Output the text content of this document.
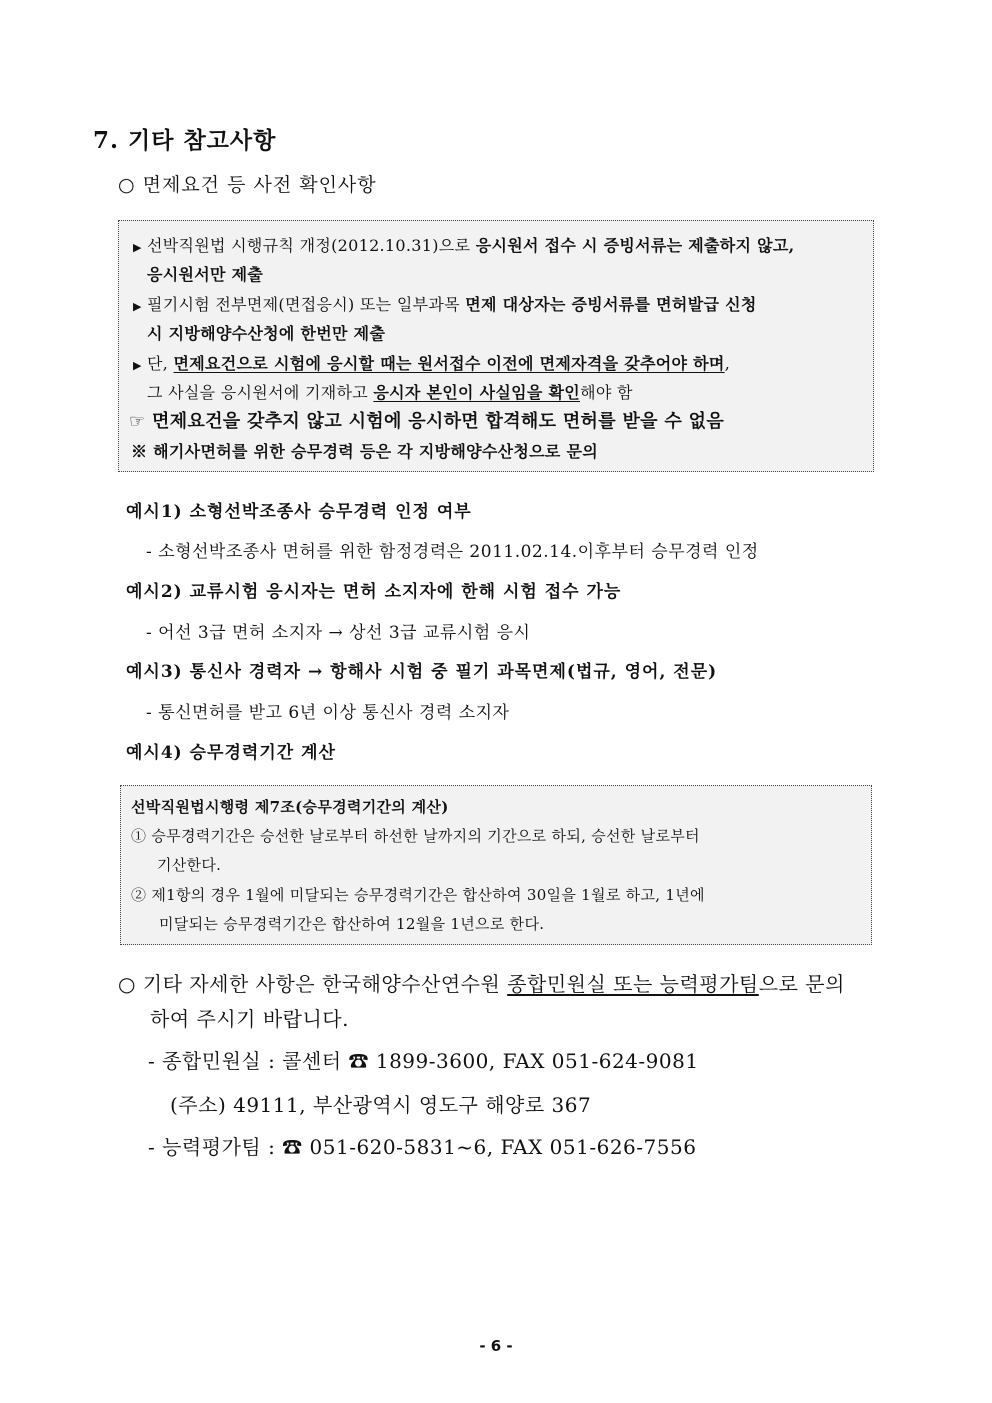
7. 기타 참고사항
○ 면제요건 등 사전 확인사항
▶ 선박직원법 시행규칙 개정(2012.10.31)으로 응시원서 접수 시 증빙서류는 제출하지 않고,
응시원서만 제출
▶ 필기시험 전부면제(면접응시) 또는 일부과목 면제 대상자는 증빙서류를 면허발급 신청
시 지방해양수산청에 한번만 제출
▶ 단, 면제요건으로 시험에 응시할 때는 원서접수 이전에 면제자격을 갖추어야 하며,
그 사실을 응시원서에 기재하고 응시자 본인이 사실임을 확인해야 함
☞ 면제요건을 갖추지 않고 시험에 응시하면 합격해도 면허를 받을 수 없음
※ 해기사면허를 위한 승무경력 등은 각 지방해양수산청으로 문의
예시1) 소형선박조종사 승무경력 인정 여부
- 소형선박조종사 면허를 위한 함정경력은 2011.02.14.이후부터 승무경력 인정
예시2) 교류시험 응시자는 면허 소지자에 한해 시험 접수 가능
- 어선 3급 면허 소지자 → 상선 3급 교류시험 응시
예시3) 통신사 경력자 → 항해사 시험 중 필기 과목면제(법규, 영어, 전문)
- 통신면허를 받고 6년 이상 통신사 경력 소지자
예시4) 승무경력기간 계산
선박직원법시행령 제7조(승무경력기간의 계산)
① 승무경력기간은 승선한 날로부터 하선한 날까지의 기간으로 하되, 승선한 날로부터
기산한다.
② 제1항의 경우 1월에 미달되는 승무경력기간은 합산하여 30일을 1월로 하고, 1년에
미달되는 승무경력기간은 합산하여 12월을 1년으로 한다.
○ 기타 자세한 사항은 한국해양수산연수원 종합민원실 또는 능력평가팀으로 문의
하여 주시기 바랍니다.
- 종합민원실 : 콜센터 ☎ 1899-3600, FAX 051-624-9081
(주소) 49111, 부산광역시 영도구 해양로 367
- 능력평가팀 : ☎ 051-620-5831~6, FAX 051-626-7556
- 6 -
